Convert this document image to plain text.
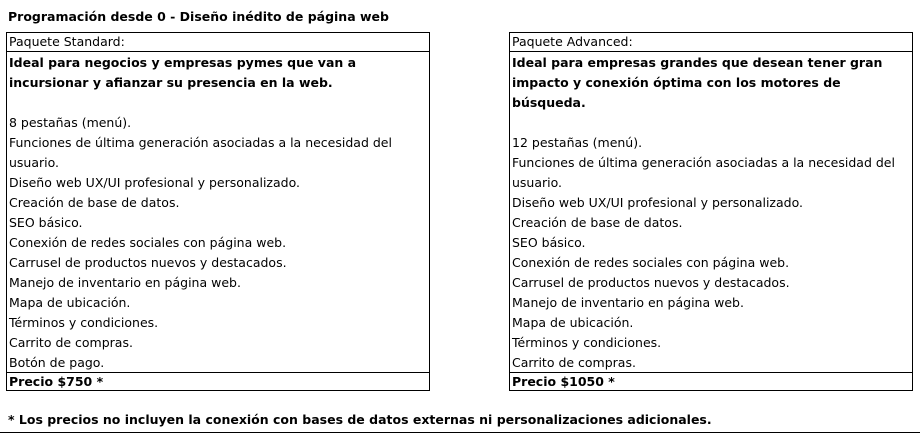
Programación desde 0 - Diseño inédito de página web
Paquete Standard:
Ideal para negocios y empresas pymes que van a incursionar y afianzar su presencia en la web.
8 pestañas (menú).
Funciones de última generación asociadas a la necesidad del usuario.
Diseño web UX/UI profesional y personalizado.
Creación de base de datos.
SEO básico.
Conexión de redes sociales con página web.
Carrusel de productos nuevos y destacados.
Manejo de inventario en página web.
Mapa de ubicación.
Términos y condiciones.
Carrito de compras.
Botón de pago.
Precio $750 *
Paquete Advanced:
Ideal para empresas grandes que desean tener gran impacto y conexión óptima con los motores de búsqueda.
12 pestañas (menú).
Funciones de última generación asociadas a la necesidad del usuario.
Diseño web UX/UI profesional y personalizado.
Creación de base de datos.
SEO básico.
Conexión de redes sociales con página web.
Carrusel de productos nuevos y destacados.
Manejo de inventario en página web.
Mapa de ubicación.
Términos y condiciones.
Carrito de compras.
Precio $1050 *
* Los precios no incluyen la conexión con bases de datos externas ni personalizaciones adicionales.
